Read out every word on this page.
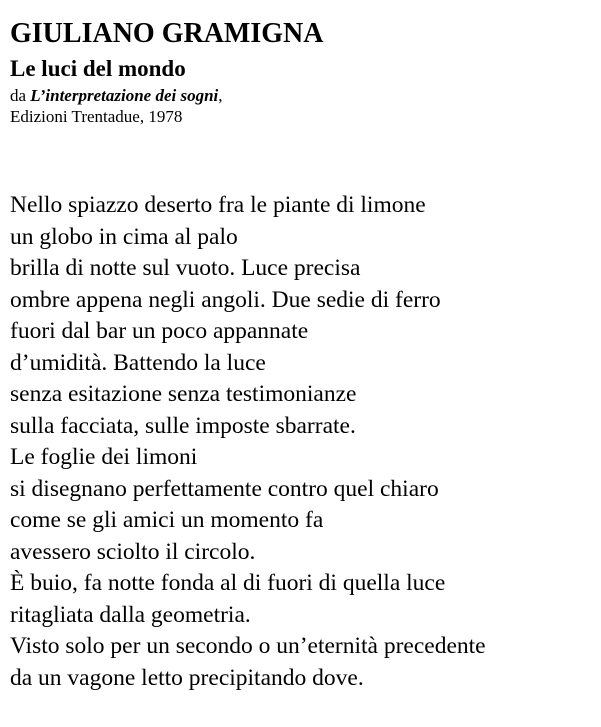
GIULIANO GRAMIGNA
Le luci del mondo
da L’interpretazione dei sogni,
Edizioni Trentadue, 1978
Nello spiazzo deserto fra le piante di limone
un globo in cima al palo
brilla di notte sul vuoto. Luce precisa
ombre appena negli angoli. Due sedie di ferro
fuori dal bar un poco appannate
d’umidità. Battendo la luce
senza esitazione senza testimonianze
sulla facciata, sulle imposte sbarrate.
Le foglie dei limoni
si disegnano perfettamente contro quel chiaro
come se gli amici un momento fa
avessero sciolto il circolo.
È buio, fa notte fonda al di fuori di quella luce
ritagliata dalla geometria.
Visto solo per un secondo o un’eternità precedente
da un vagone letto precipitando dove.
